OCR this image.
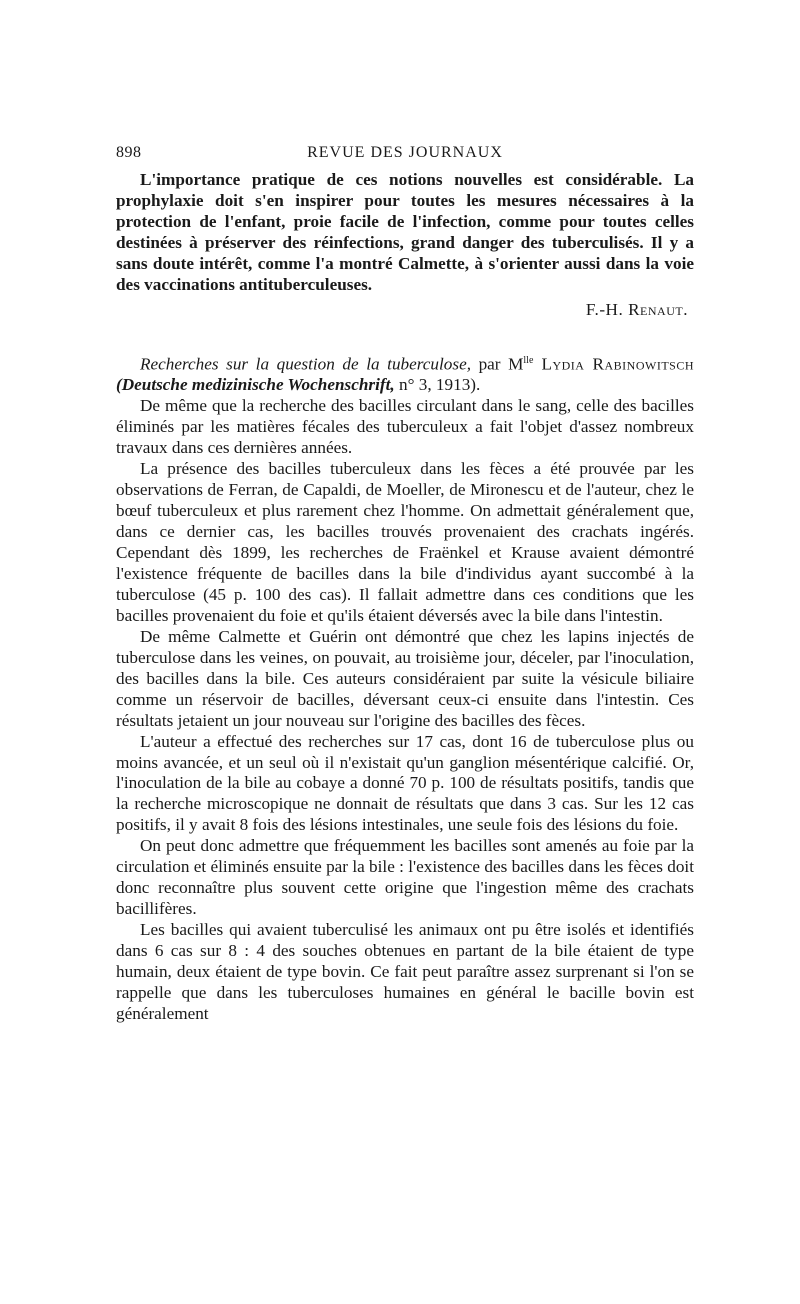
898	REVUE DES JOURNAUX

L'importance pratique de ces notions nouvelles est considérable. La prophylaxie doit s'en inspirer pour toutes les mesures nécessaires à la protection de l'enfant, proie facile de l'infection, comme pour toutes celles destinées à préserver des réinfections, grand danger des tuberculisés. Il y a sans doute intérêt, comme l'a montré Calmette, à s'orienter aussi dans la voie des vaccinations antituberculeuses.

F.-H. Renaut.

Recherches sur la question de la tuberculose, par $M^{lle}$ Lydia Rabinowitsch (Deutsche medizinische Wochenschrift, n° 3, 1913).

De même que la recherche des bacilles circulant dans le sang, celle des bacilles éliminés par les matières fécales des tuberculeux a fait l'objet d'assez nombreux travaux dans ces dernières années.

La présence des bacilles tuberculeux dans les fèces a été prouvée par les observations de Ferran, de Capaldi, de Moeller, de Mironescu et de l'auteur, chez le bœuf tuberculeux et plus rarement chez l'homme. On admettait généralement que, dans ce dernier cas, les bacilles trouvés provenaient des crachats ingérés. Cependant dès 1899, les recherches de Fraënkel et Krause avaient démontré l'existence fréquente de bacilles dans la bile d'individus ayant succombé à la tuberculose (45 p. 100 des cas). Il fallait admettre dans ces conditions que les bacilles provenaient du foie et qu'ils étaient déversés avec la bile dans l'intestin.

De même Calmette et Guérin ont démontré que chez les lapins injectés de tuberculose dans les veines, on pouvait, au troisième jour, déceler, par l'inoculation, des bacilles dans la bile. Ces auteurs considéraient par suite la vésicule biliaire comme un réservoir de bacilles, déversant ceux-ci ensuite dans l'intestin. Ces résultats jetaient un jour nouveau sur l'origine des bacilles des fèces.

L'auteur a effectué des recherches sur 17 cas, dont 16 de tuberculose plus ou moins avancée, et un seul où il n'existait qu'un ganglion mésentérique calcifié. Or, l'inoculation de la bile au cobaye a donné 70 p. 100 de résultats positifs, tandis que la recherche microscopique ne donnait de résultats que dans 3 cas. Sur les 12 cas positifs, il y avait 8 fois des lésions intestinales, une seule fois des lésions du foie.

On peut donc admettre que fréquemment les bacilles sont amenés au foie par la circulation et éliminés ensuite par la bile : l'existence des bacilles dans les fèces doit donc reconnaître plus souvent cette origine que l'ingestion même des crachats bacillifères.

Les bacilles qui avaient tuberculisé les animaux ont pu être isolés et identifiés dans 6 cas sur 8 : 4 des souches obtenues en partant de la bile étaient de type humain, deux étaient de type bovin. Ce fait peut paraître assez surprenant si l'on se rappelle que dans les tuberculoses humaines en général le bacille bovin est généralement
